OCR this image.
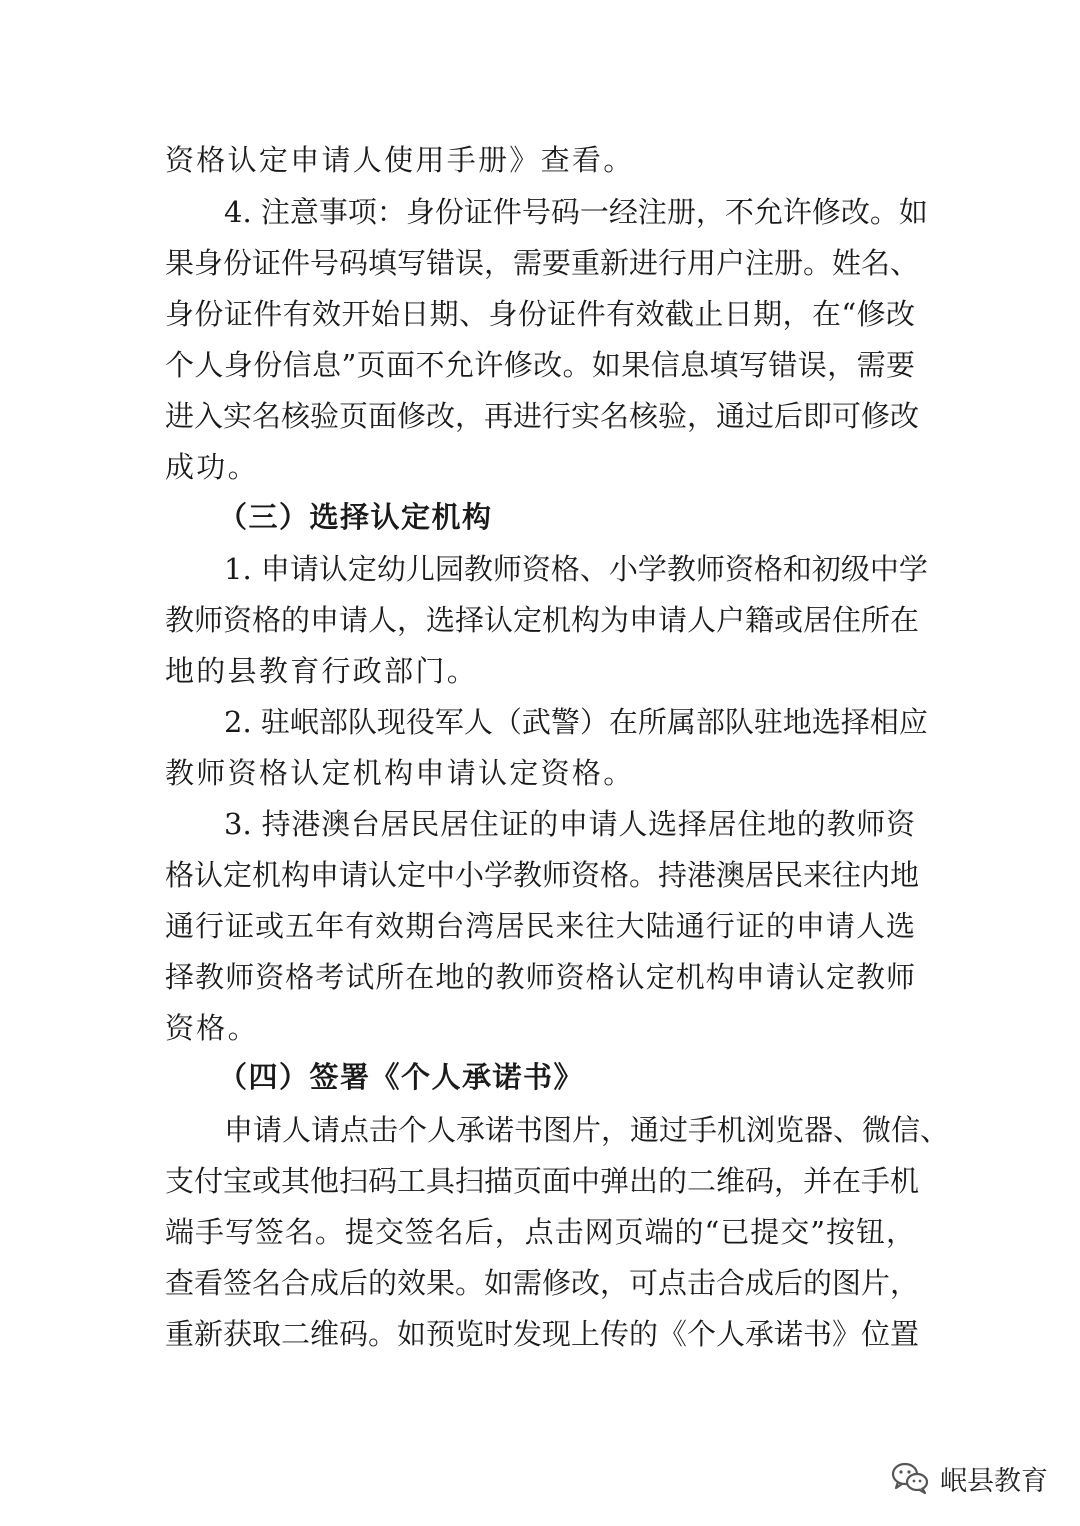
资格认定申请人使用手册》查看。
4. 注意事项：身份证件号码一经注册，不允许修改。如
果身份证件号码填写错误，需要重新进行用户注册。姓名、
身份证件有效开始日期、身份证件有效截止日期，在“修改
个人身份信息”页面不允许修改。如果信息填写错误，需要
进入实名核验页面修改，再进行实名核验，通过后即可修改
成功。
（三）选择认定机构
1. 申请认定幼儿园教师资格、小学教师资格和初级中学
教师资格的申请人，选择认定机构为申请人户籍或居住所在
地的县教育行政部门。
2. 驻岷部队现役军人（武警）在所属部队驻地选择相应
教师资格认定机构申请认定资格。
3. 持港澳台居民居住证的申请人选择居住地的教师资
格认定机构申请认定中小学教师资格。持港澳居民来往内地
通行证或五年有效期台湾居民来往大陆通行证的申请人选
择教师资格考试所在地的教师资格认定机构申请认定教师
资格。
（四）签署《个人承诺书》
申请人请点击个人承诺书图片，通过手机浏览器、微信、
支付宝或其他扫码工具扫描页面中弹出的二维码，并在手机
端手写签名。提交签名后，点击网页端的“已提交”按钮，
查看签名合成后的效果。如需修改，可点击合成后的图片，
重新获取二维码。如预览时发现上传的《个人承诺书》位置
岷县教育
